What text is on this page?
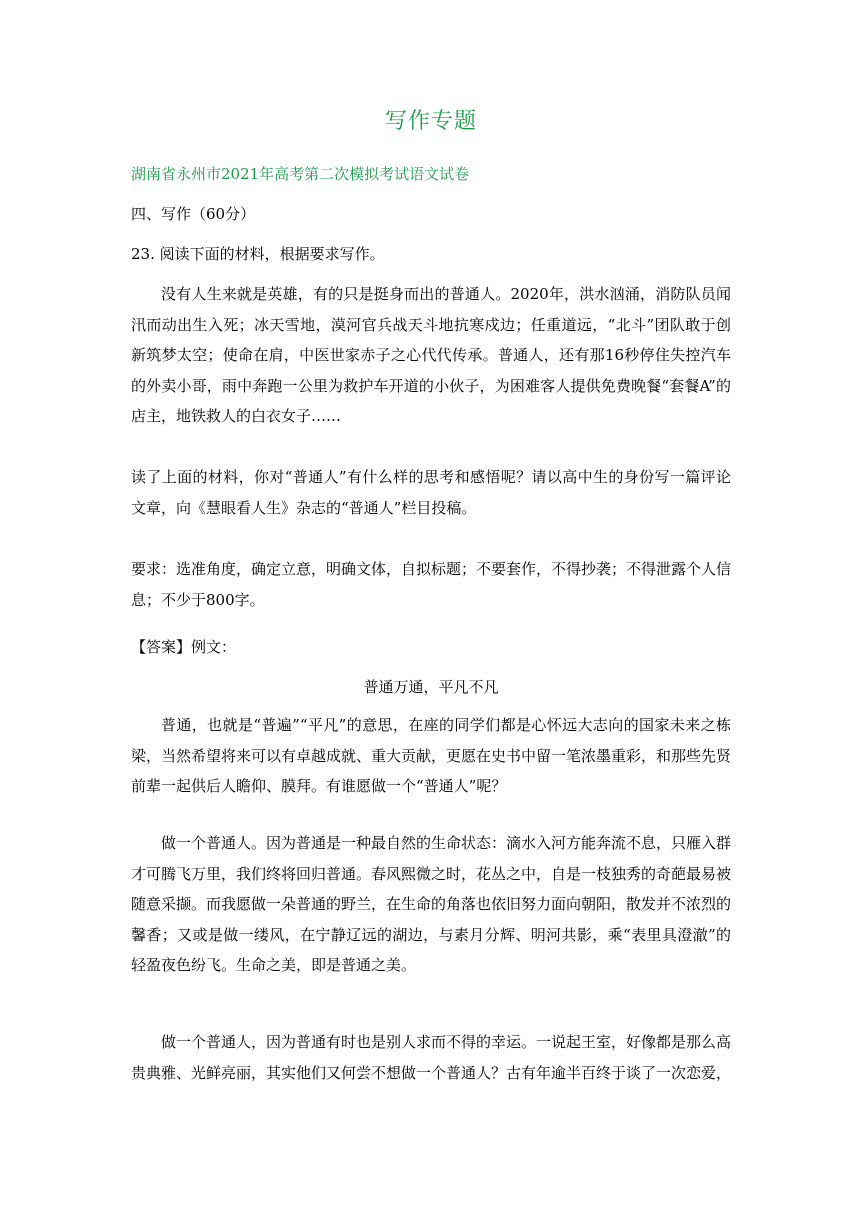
写作专题
湖南省永州市2021年高考第二次模拟考试语文试卷
四、写作（60分）
23. 阅读下面的材料，根据要求写作。
没有人生来就是英雄，有的只是挺身而出的普通人。2020年，洪水汹涌，消防队员闻汛而动出生入死；冰天雪地，漠河官兵战天斗地抗寒戍边；任重道远，“北斗”团队敢于创新筑梦太空；使命在肩，中医世家赤子之心代代传承。普通人，还有那16秒停住失控汽车的外卖小哥，雨中奔跑一公里为救护车开道的小伙子，为困难客人提供免费晚餐“套餐A”的店主，地铁救人的白衣女子……
读了上面的材料，你对“普通人”有什么样的思考和感悟呢？请以高中生的身份写一篇评论文章，向《慧眼看人生》杂志的“普通人”栏目投稿。
要求：选准角度，确定立意，明确文体，自拟标题；不要套作，不得抄袭；不得泄露个人信息；不少于800字。
【答案】例文：
普通万通，平凡不凡
普通，也就是“普遍”“平凡”的意思，在座的同学们都是心怀远大志向的国家未来之栋梁，当然希望将来可以有卓越成就、重大贡献，更愿在史书中留一笔浓墨重彩，和那些先贤前辈一起供后人瞻仰、膜拜。有谁愿做一个“普通人”呢？
做一个普通人。因为普通是一种最自然的生命状态：滴水入河方能奔流不息，只雁入群才可腾飞万里，我们终将回归普通。春风熙微之时，花丛之中，自是一枝独秀的奇葩最易被随意采撷。而我愿做一朵普通的野兰，在生命的角落也依旧努力面向朝阳，散发并不浓烈的馨香；又或是做一缕风，在宁静辽远的湖边，与素月分辉、明河共影，乘“表里具澄澈”的轻盈夜色纷飞。生命之美，即是普通之美。
做一个普通人，因为普通有时也是别人求而不得的幸运。一说起王室，好像都是那么高贵典雅、光鲜亮丽，其实他们又何尝不想做一个普通人？古有年逾半百终于谈了一次恋爱，
